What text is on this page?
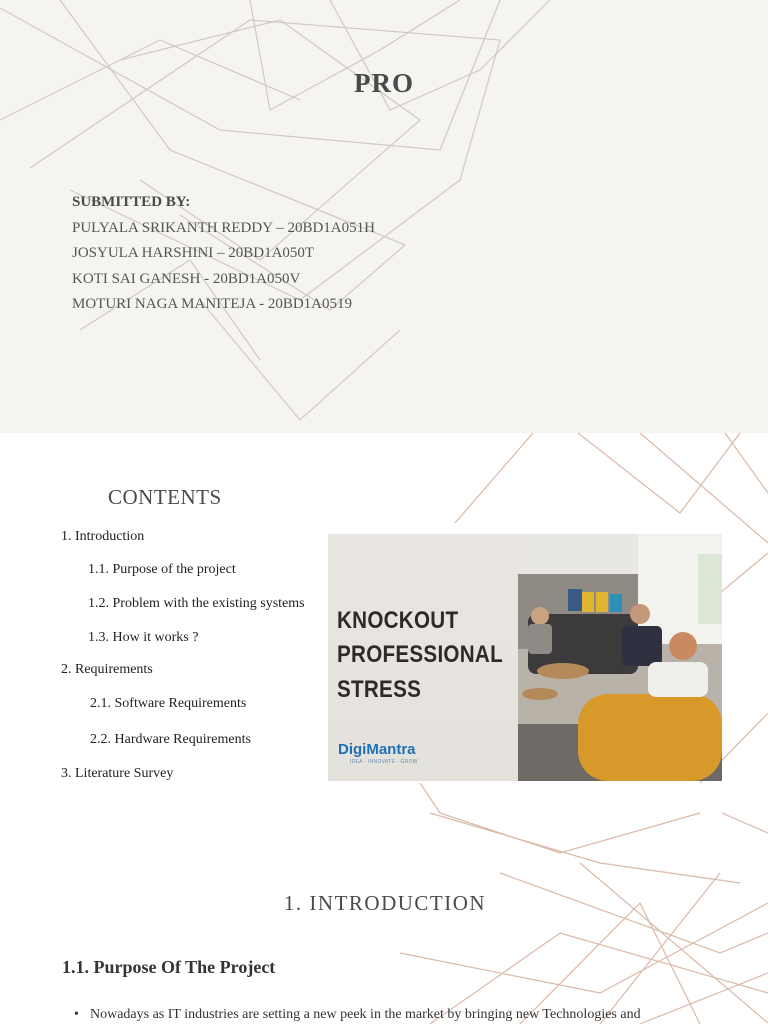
PRO
SUBMITTED BY:
PULYALA SRIKANTH REDDY – 20BD1A051H
JOSYULA HARSHINI – 20BD1A050T
KOTI SAI GANESH - 20BD1A050V
MOTURI NAGA MANITEJA - 20BD1A0519
CONTENTS
1. Introduction
1.1. Purpose of the project
1.2. Problem with the existing systems
1.3. How it works ?
2. Requirements
2.1. Software Requirements
2.2. Hardware Requirements
3. Literature Survey
KNOCKOUT
PROFESSIONAL
STRESS
DigiMantra
IDEA · INNOVATE · GROW
1. INTRODUCTION
1.1. Purpose Of The Project
• Nowadays as IT industries are setting a new peek in the market by bringing new Technologies and
